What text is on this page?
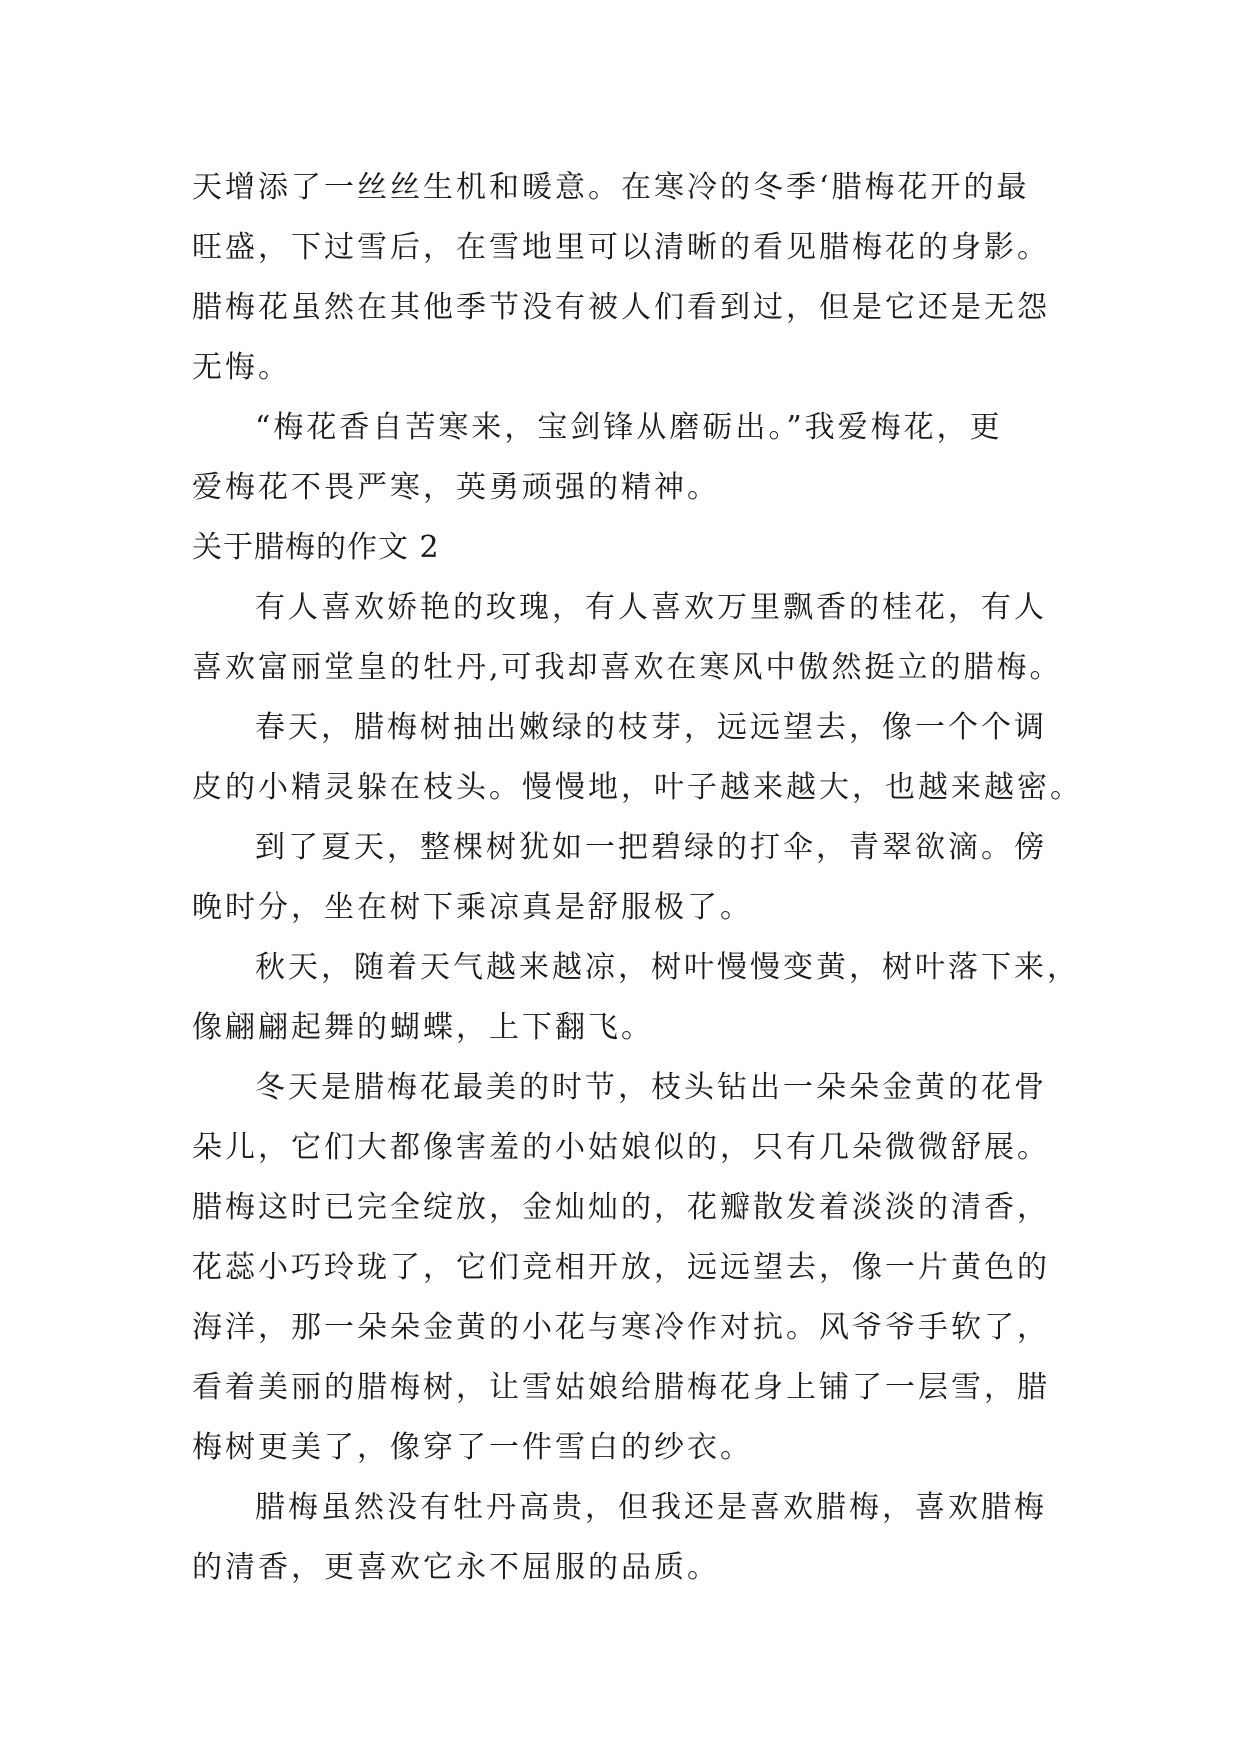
天增添了一丝丝生机和暖意。在寒冷的冬季‘腊梅花开的最
旺盛，下过雪后，在雪地里可以清晰的看见腊梅花的身影。
腊梅花虽然在其他季节没有被人们看到过，但是它还是无怨
无悔。
“梅花香自苦寒来，宝剑锋从磨砺出。”我爱梅花，更
爱梅花不畏严寒，英勇顽强的精神。
关于腊梅的作文 2
有人喜欢娇艳的玫瑰，有人喜欢万里飘香的桂花，有人
喜欢富丽堂皇的牡丹,可我却喜欢在寒风中傲然挺立的腊梅。
春天，腊梅树抽出嫩绿的枝芽，远远望去，像一个个调
皮的小精灵躲在枝头。慢慢地，叶子越来越大，也越来越密。
到了夏天，整棵树犹如一把碧绿的打伞，青翠欲滴。傍
晚时分，坐在树下乘凉真是舒服极了。
秋天，随着天气越来越凉，树叶慢慢变黄，树叶落下来，
像翩翩起舞的蝴蝶，上下翻飞。
冬天是腊梅花最美的时节，枝头钻出一朵朵金黄的花骨
朵儿，它们大都像害羞的小姑娘似的，只有几朵微微舒展。
腊梅这时已完全绽放，金灿灿的，花瓣散发着淡淡的清香，
花蕊小巧玲珑了，它们竞相开放，远远望去，像一片黄色的
海洋，那一朵朵金黄的小花与寒冷作对抗。风爷爷手软了，
看着美丽的腊梅树，让雪姑娘给腊梅花身上铺了一层雪，腊
梅树更美了，像穿了一件雪白的纱衣。
腊梅虽然没有牡丹高贵，但我还是喜欢腊梅，喜欢腊梅
的清香，更喜欢它永不屈服的品质。
